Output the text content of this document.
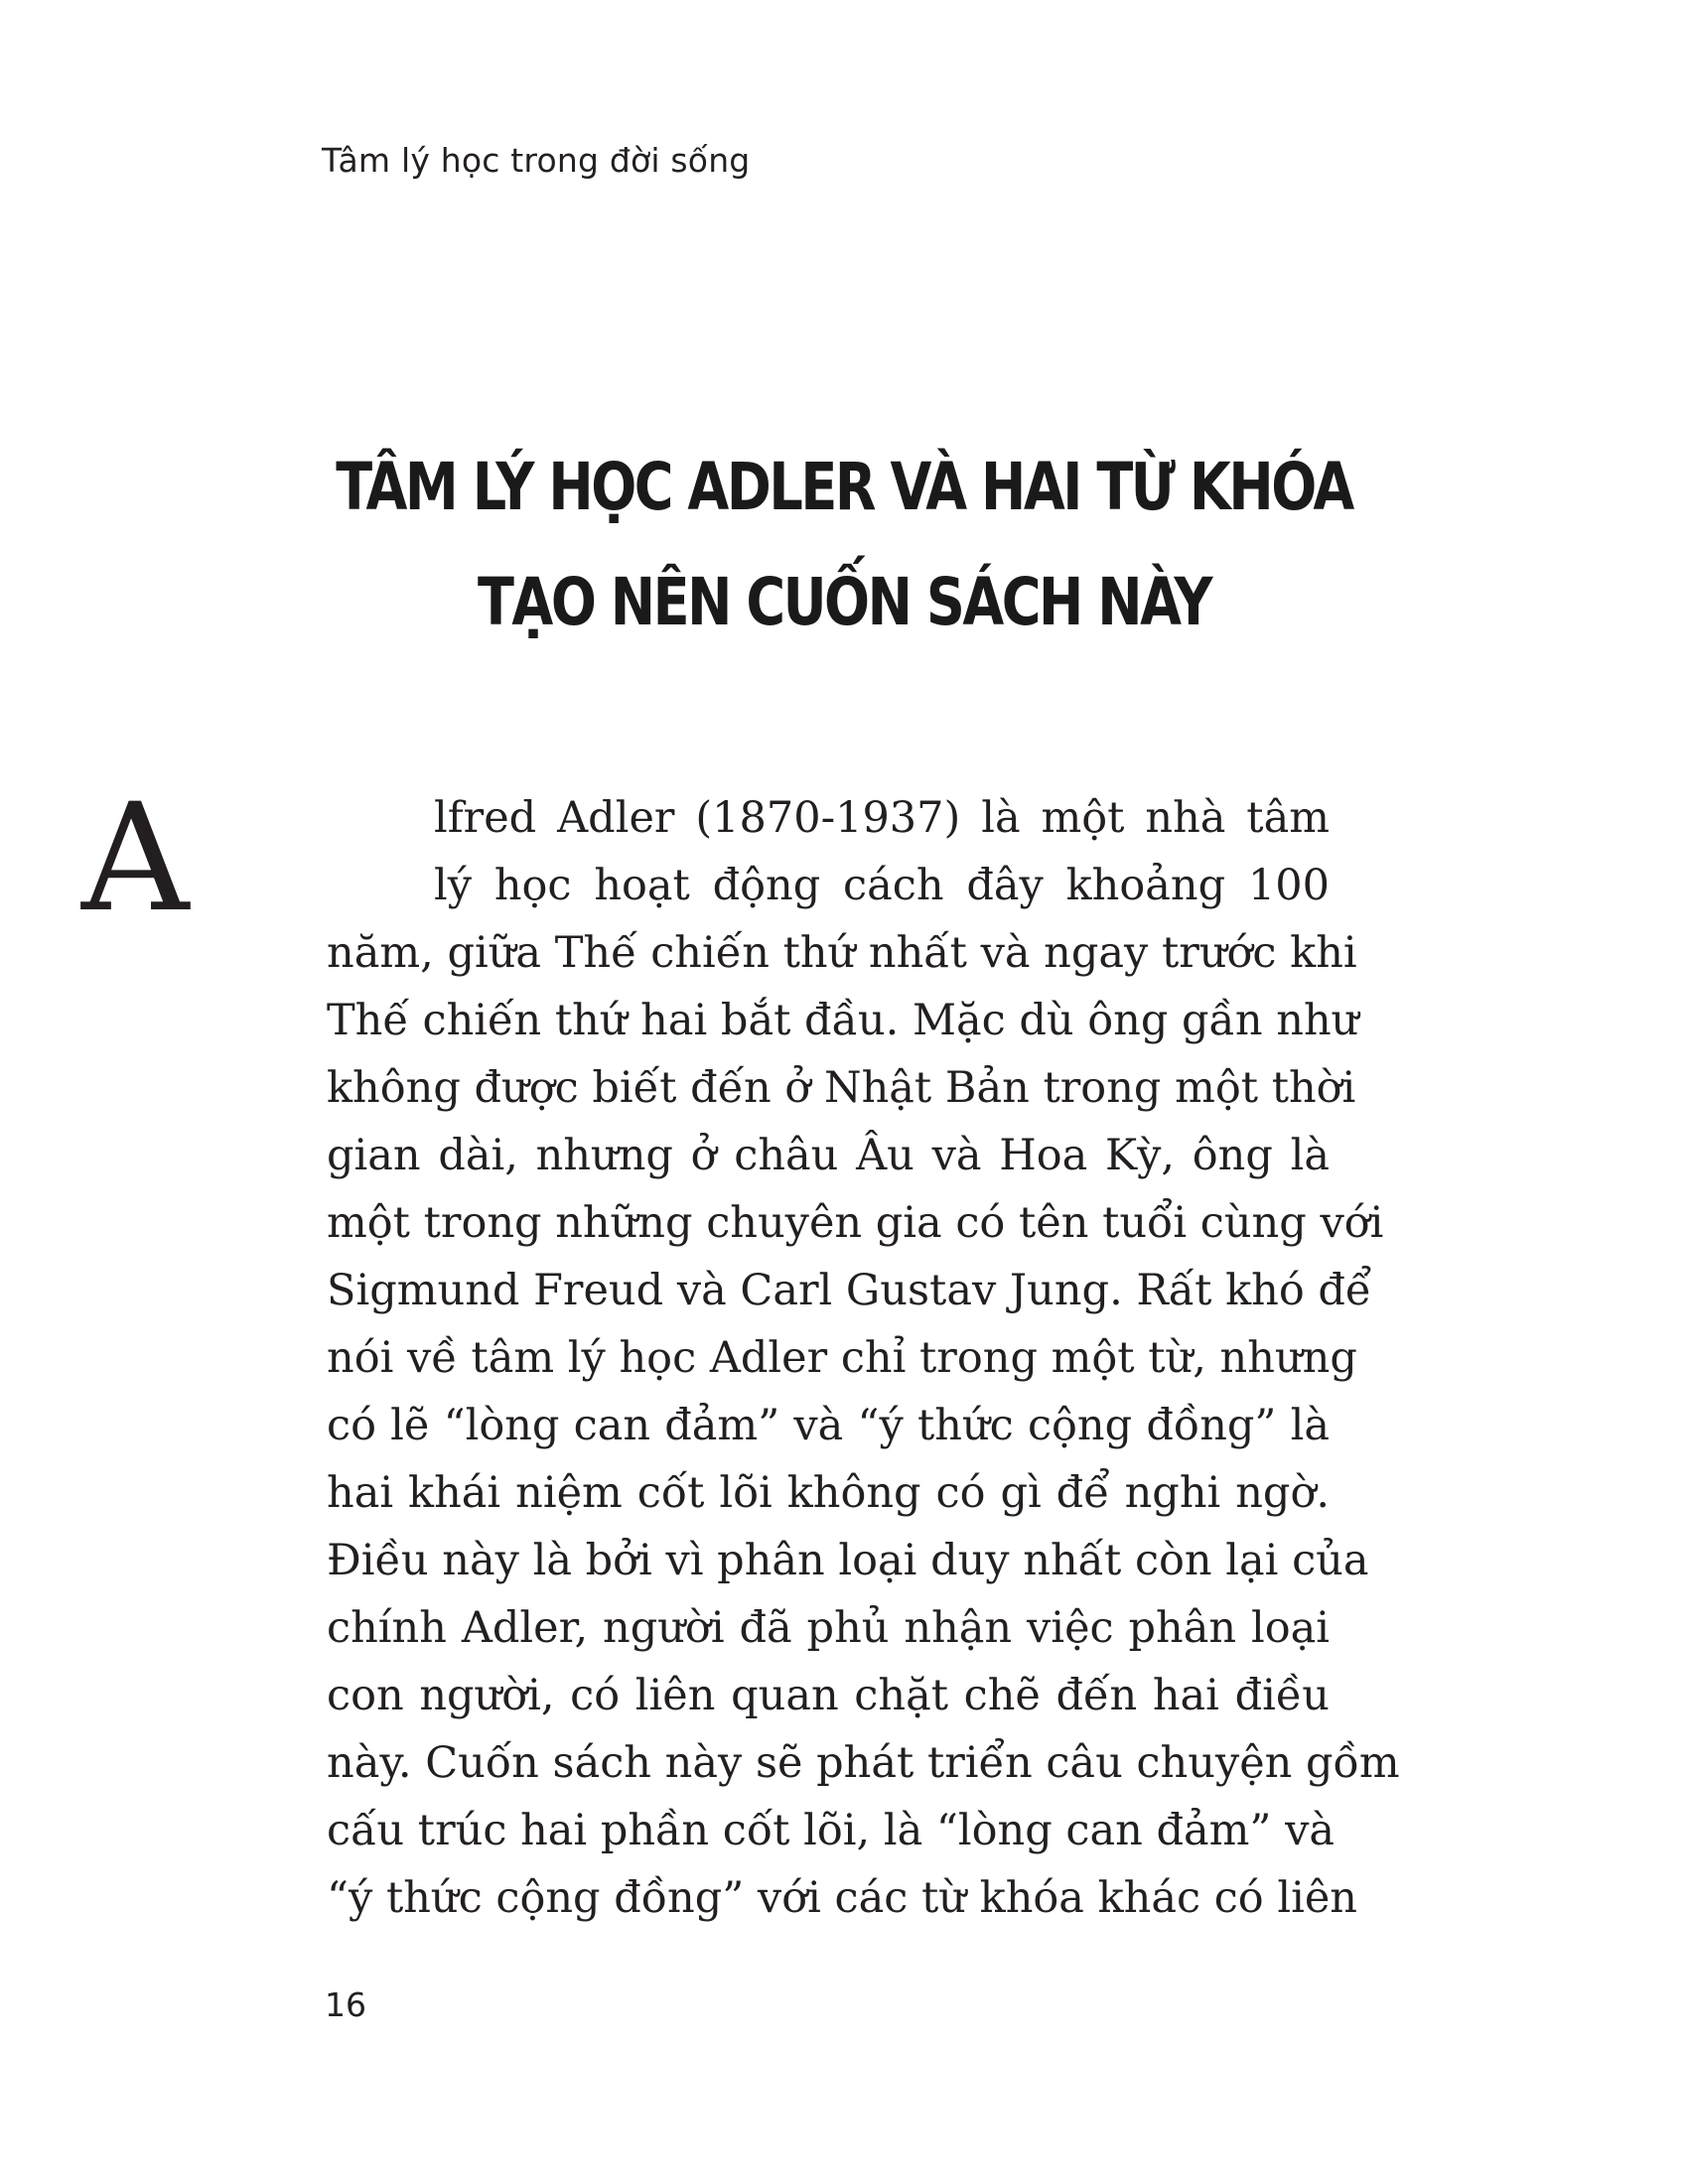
Tâm lý học trong đời sống
TÂM LÝ HỌC ADLER VÀ HAI TỪ KHÓA
TẠO NÊN CUỐN SÁCH NÀY
A	lfred Adler (1870-1937) là một nhà tâm
lý học hoạt động cách đây khoảng 100
năm, giữa Thế chiến thứ nhất và ngay trước khi
Thế chiến thứ hai bắt đầu. Mặc dù ông gần như
không được biết đến ở Nhật Bản trong một thời
gian dài, nhưng ở châu Âu và Hoa Kỳ, ông là
một trong những chuyên gia có tên tuổi cùng với
Sigmund Freud và Carl Gustav Jung. Rất khó để
nói về tâm lý học Adler chỉ trong một từ, nhưng
có lẽ “lòng can đảm” và “ý thức cộng đồng” là
hai khái niệm cốt lõi không có gì để nghi ngờ.
Điều này là bởi vì phân loại duy nhất còn lại của
chính Adler, người đã phủ nhận việc phân loại
con người, có liên quan chặt chẽ đến hai điều
này. Cuốn sách này sẽ phát triển câu chuyện gồm
cấu trúc hai phần cốt lõi, là “lòng can đảm” và
“ý thức cộng đồng” với các từ khóa khác có liên
16
